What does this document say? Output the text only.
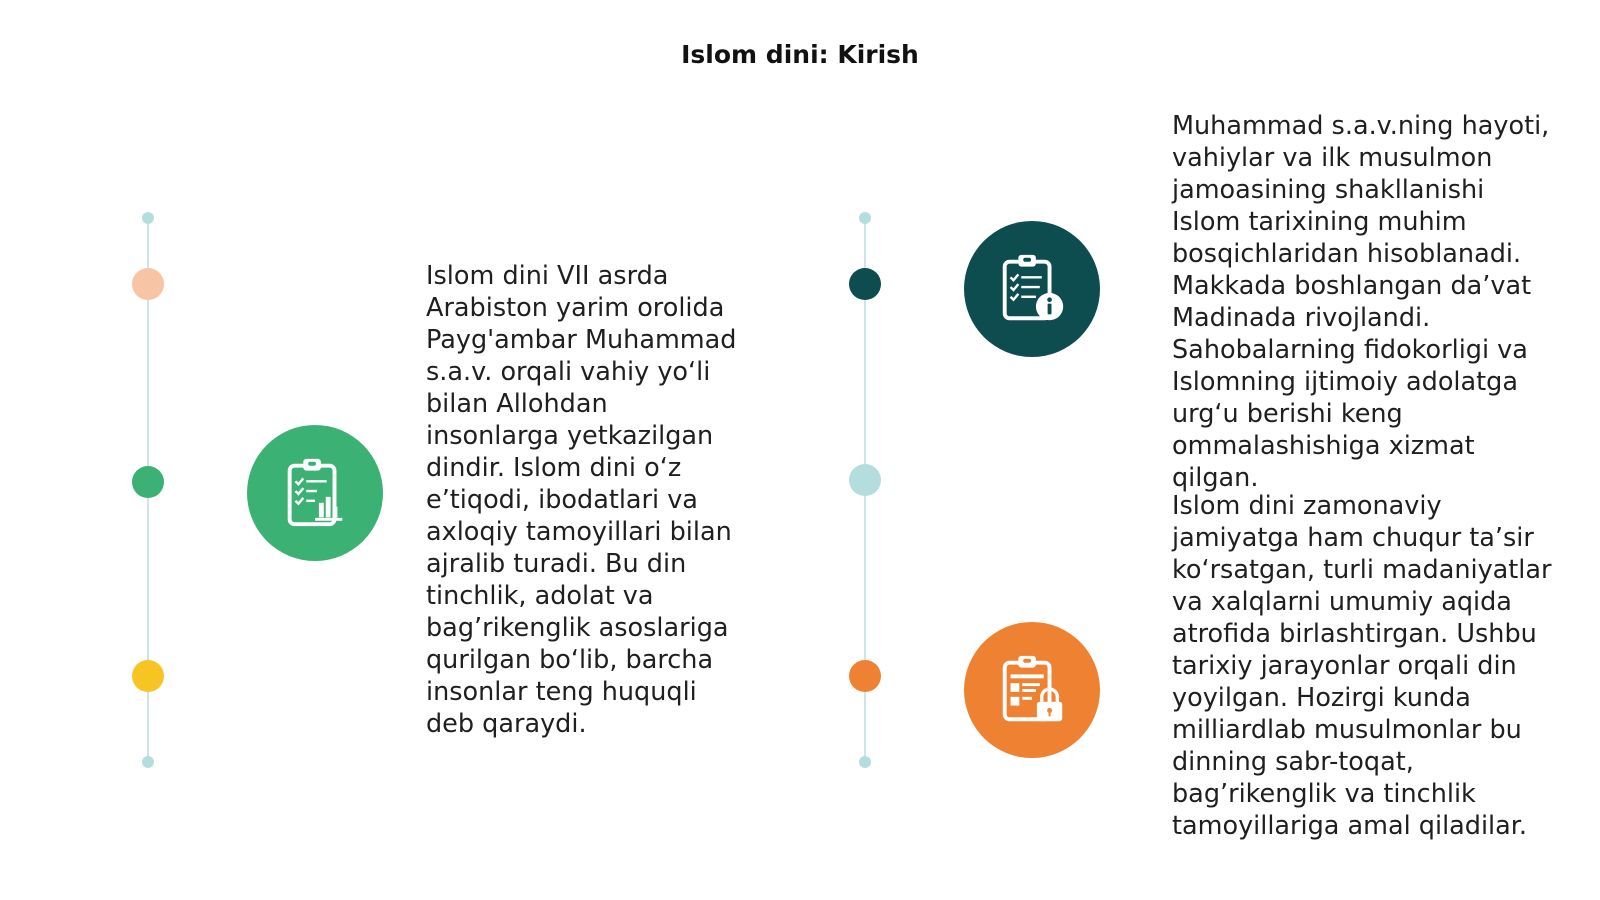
Islom dini: Kirish
Islom dini VII asrda Arabiston yarim orolida Payg'ambar Muhammad s.a.v. orqali vahiy yo‘li bilan Allohdan insonlarga yetkazilgan dindir. Islom dini o‘z e’tiqodi, ibodatlari va axloqiy tamoyillari bilan ajralib turadi. Bu din tinchlik, adolat va bag’rikenglik asoslariga qurilgan bo‘lib, barcha insonlar teng huquqli deb qaraydi.
Muhammad s.a.v.ning hayoti, vahiylar va ilk musulmon jamoasining shakllanishi Islom tarixining muhim bosqichlaridan hisoblanadi. Makkada boshlangan da’vat Madinada rivojlandi. Sahobalarning fidokorligi va Islomning ijtimoiy adolatga urg‘u berishi keng ommalashishiga xizmat qilgan.
Islom dini zamonaviy jamiyatga ham chuqur ta’sir ko‘rsatgan, turli madaniyatlar va xalqlarni umumiy aqida atrofida birlashtirgan. Ushbu tarixiy jarayonlar orqali din yoyilgan. Hozirgi kunda milliardlab musulmonlar bu dinning sabr-toqat, bag’rikenglik va tinchlik tamoyillariga amal qiladilar.
